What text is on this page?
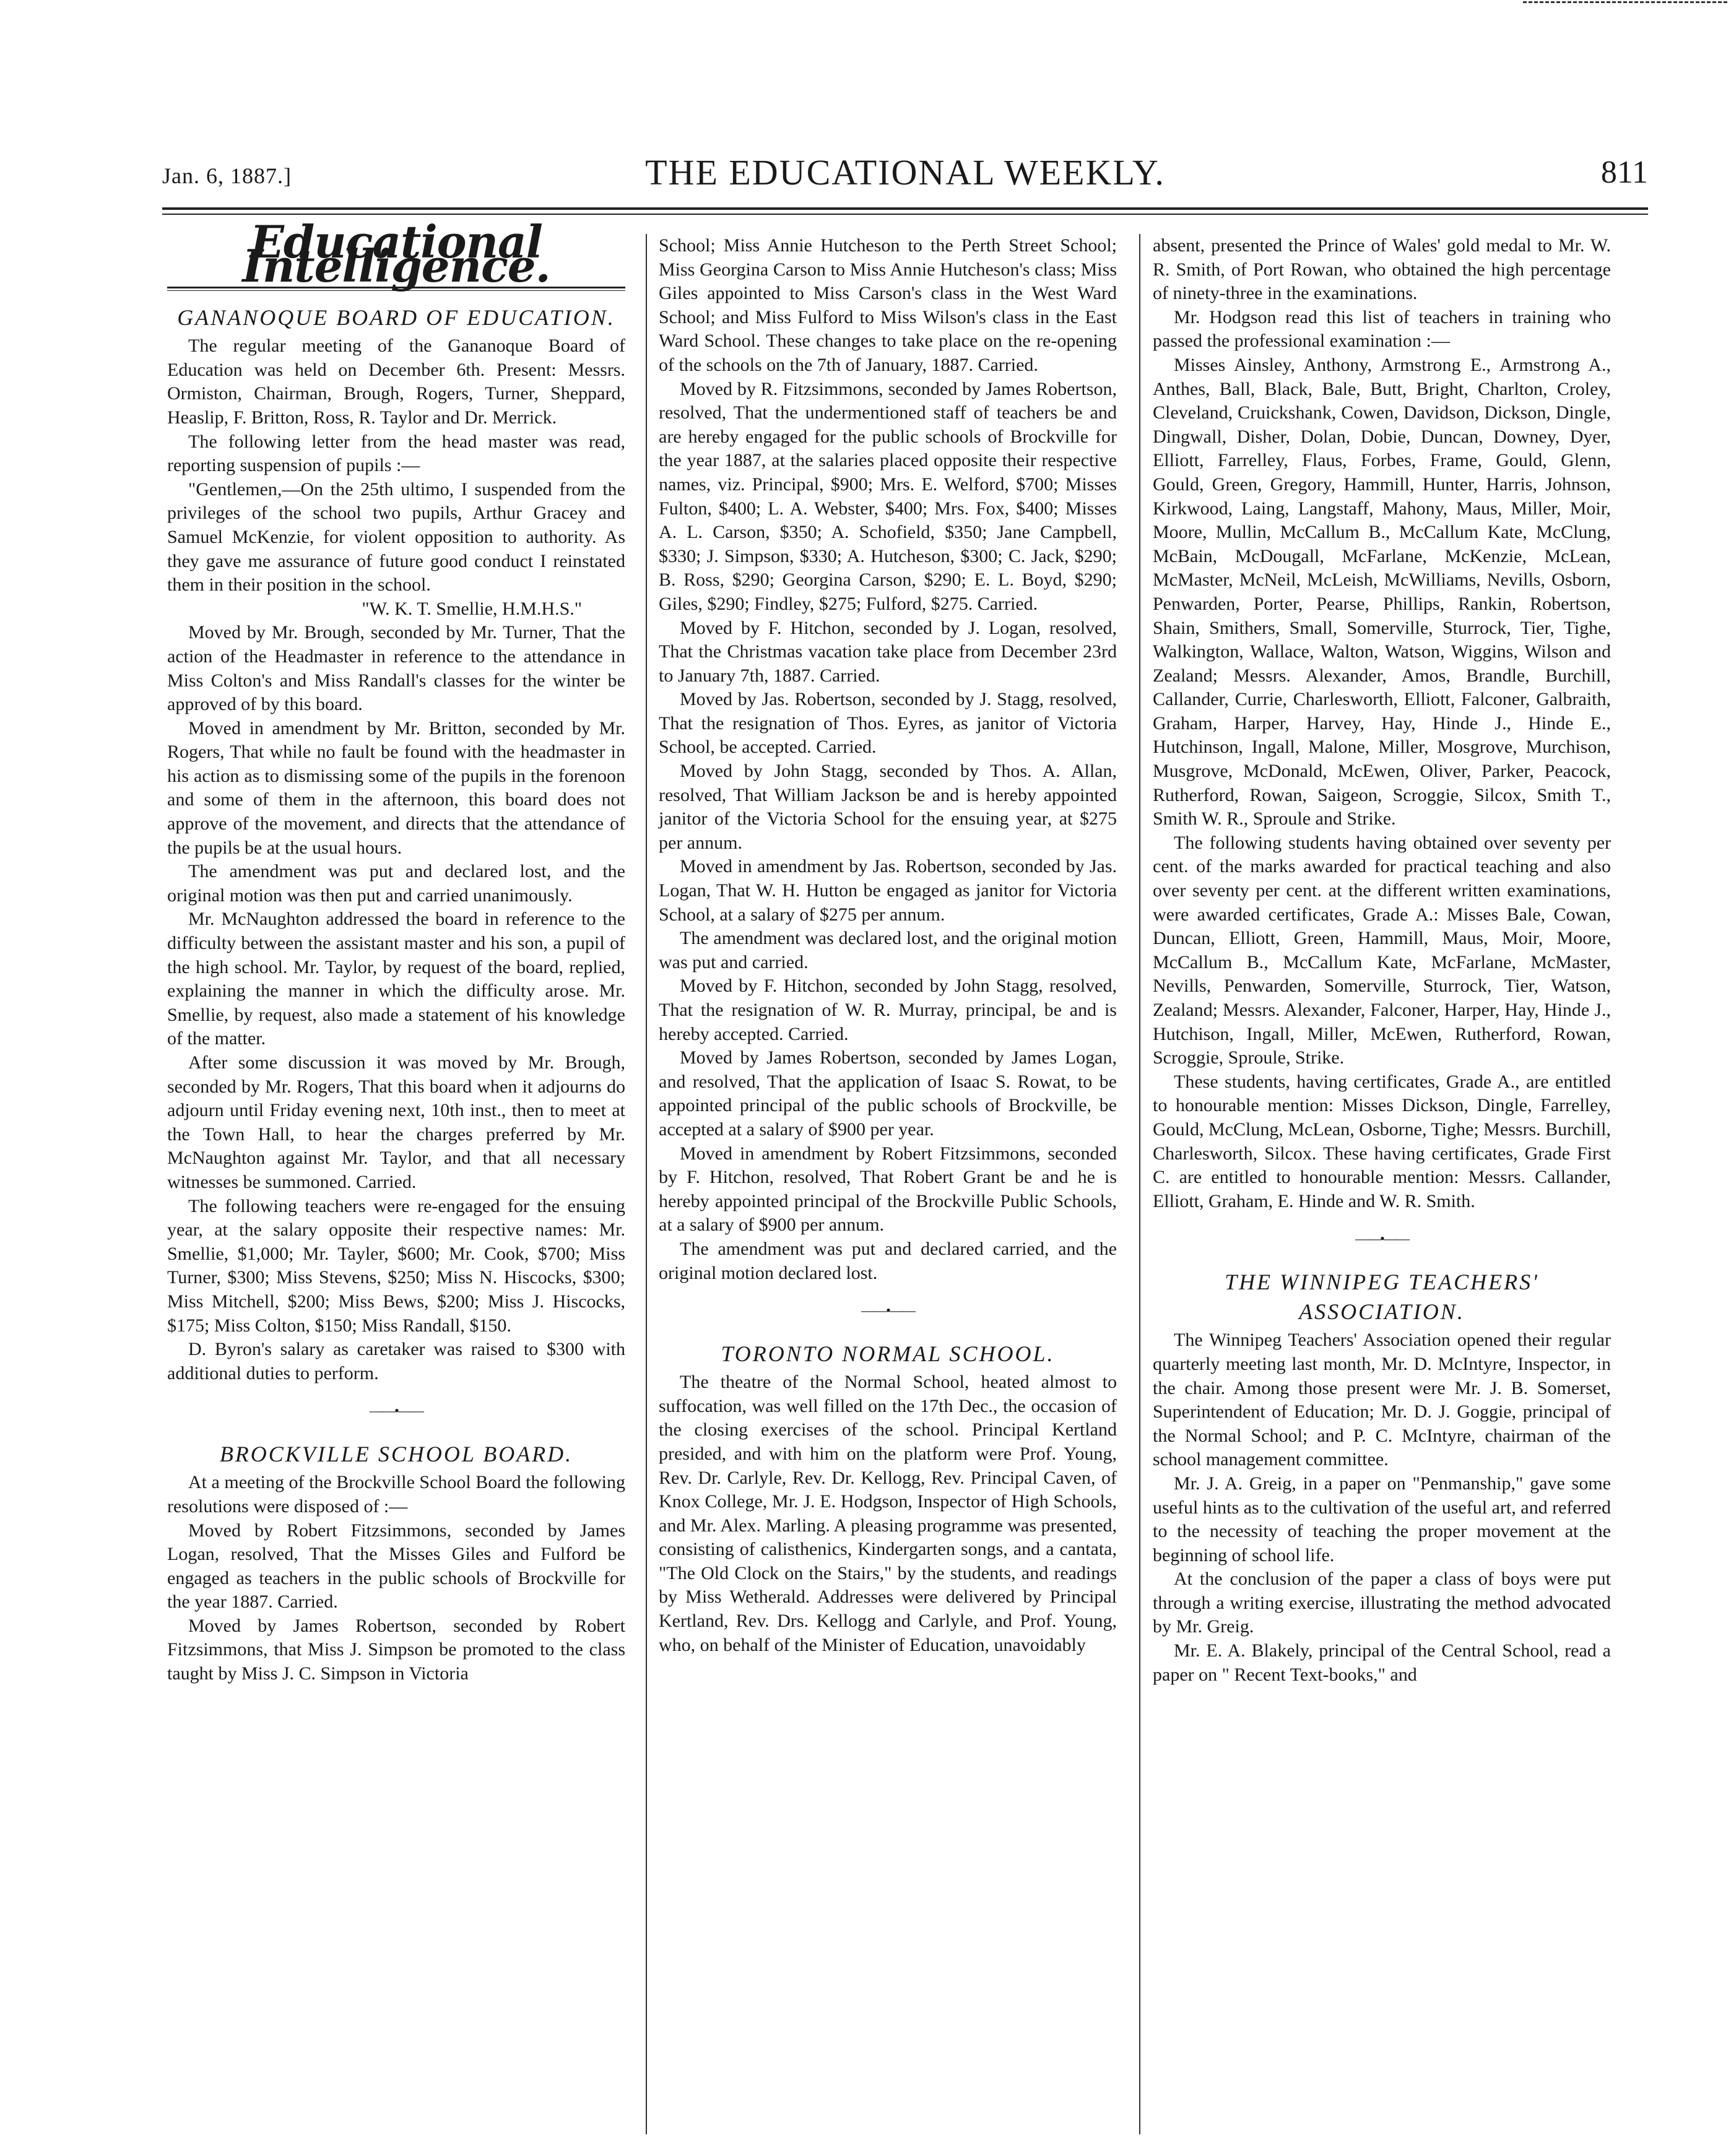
Jan. 6, 1887.]	THE EDUCATIONAL WEEKLY.	811
Educational Intelligence.
GANANOQUE BOARD OF EDUCATION.

The regular meeting of the Gananoque Board of Education was held on December 6th. Present: Messrs. Ormiston, Chairman, Brough, Rogers, Turner, Sheppard, Heaslip, F. Britton, Ross, R. Taylor and Dr. Merrick.

The following letter from the head master was read, reporting suspension of pupils :—

"Gentlemen,—On the 25th ultimo, I suspended from the privileges of the school two pupils, Arthur Gracey and Samuel McKenzie, for violent opposition to authority. As they gave me assurance of future good conduct I reinstated them in their position in the school.

"W. K. T. Smellie, H.M.H.S."

Moved by Mr. Brough, seconded by Mr. Turner, That the action of the Headmaster in reference to the attendance in Miss Colton's and Miss Randall's classes for the winter be approved of by this board.

Moved in amendment by Mr. Britton, seconded by Mr. Rogers, That while no fault be found with the headmaster in his action as to dismissing some of the pupils in the forenoon and some of them in the afternoon, this board does not approve of the movement, and directs that the attendance of the pupils be at the usual hours.

The amendment was put and declared lost, and the original motion was then put and carried unanimously.

Mr. McNaughton addressed the board in reference to the difficulty between the assistant master and his son, a pupil of the high school. Mr. Taylor, by request of the board, replied, explaining the manner in which the difficulty arose. Mr. Smellie, by request, also made a statement of his knowledge of the matter.

After some discussion it was moved by Mr. Brough, seconded by Mr. Rogers, That this board when it adjourns do adjourn until Friday evening next, 10th inst., then to meet at the Town Hall, to hear the charges preferred by Mr. McNaughton against Mr. Taylor, and that all necessary witnesses be summoned. Carried.

The following teachers were re-engaged for the ensuing year, at the salary opposite their respective names: Mr. Smellie, $1,000; Mr. Tayler, $600; Mr. Cook, $700; Miss Turner, $300; Miss Stevens, $250; Miss N. Hiscocks, $300; Miss Mitchell, $200; Miss Bews, $200; Miss J. Hiscocks, $175; Miss Colton, $150; Miss Randall, $150.

D. Byron's salary as caretaker was raised to $300 with additional duties to perform.

——•——
BROCKVILLE SCHOOL BOARD.

At a meeting of the Brockville School Board the following resolutions were disposed of :—

Moved by Robert Fitzsimmons, seconded by James Logan, resolved, That the Misses Giles and Fulford be engaged as teachers in the public schools of Brockville for the year 1887. Carried.

Moved by James Robertson, seconded by Robert Fitzsimmons, that Miss J. Simpson be promoted to the class taught by Miss J. C. Simpson in Victoria

School; Miss Annie Hutcheson to the Perth Street School; Miss Georgina Carson to Miss Annie Hutcheson's class; Miss Giles appointed to Miss Carson's class in the West Ward School; and Miss Fulford to Miss Wilson's class in the East Ward School. These changes to take place on the re-opening of the schools on the 7th of January, 1887. Carried.

Moved by R. Fitzsimmons, seconded by James Robertson, resolved, That the undermentioned staff of teachers be and are hereby engaged for the public schools of Brockville for the year 1887, at the salaries placed opposite their respective names, viz. Principal, $900; Mrs. E. Welford, $700; Misses Fulton, $400; L. A. Webster, $400; Mrs. Fox, $400; Misses A. L. Carson, $350; A. Schofield, $350; Jane Campbell, $330; J. Simpson, $330; A. Hutcheson, $300; C. Jack, $290; B. Ross, $290; Georgina Carson, $290; E. L. Boyd, $290; Giles, $290; Findley, $275; Fulford, $275. Carried.

Moved by F. Hitchon, seconded by J. Logan, resolved, That the Christmas vacation take place from December 23rd to January 7th, 1887. Carried.

Moved by Jas. Robertson, seconded by J. Stagg, resolved, That the resignation of Thos. Eyres, as janitor of Victoria School, be accepted. Carried.

Moved by John Stagg, seconded by Thos. A. Allan, resolved, That William Jackson be and is hereby appointed janitor of the Victoria School for the ensuing year, at $275 per annum.

Moved in amendment by Jas. Robertson, seconded by Jas. Logan, That W. H. Hutton be engaged as janitor for Victoria School, at a salary of $275 per annum.

The amendment was declared lost, and the original motion was put and carried.

Moved by F. Hitchon, seconded by John Stagg, resolved, That the resignation of W. R. Murray, principal, be and is hereby accepted. Carried.

Moved by James Robertson, seconded by James Logan, and resolved, That the application of Isaac S. Rowat, to be appointed principal of the public schools of Brockville, be accepted at a salary of $900 per year.

Moved in amendment by Robert Fitzsimmons, seconded by F. Hitchon, resolved, That Robert Grant be and he is hereby appointed principal of the Brockville Public Schools, at a salary of $900 per annum.

The amendment was put and declared carried, and the original motion declared lost.

——•——
TORONTO NORMAL SCHOOL.

The theatre of the Normal School, heated almost to suffocation, was well filled on the 17th Dec., the occasion of the closing exercises of the school. Principal Kertland presided, and with him on the platform were Prof. Young, Rev. Dr. Carlyle, Rev. Dr. Kellogg, Rev. Principal Caven, of Knox College, Mr. J. E. Hodgson, Inspector of High Schools, and Mr. Alex. Marling. A pleasing programme was presented, consisting of calisthenics, Kindergarten songs, and a cantata, "The Old Clock on the Stairs," by the students, and readings by Miss Wetherald. Addresses were delivered by Principal Kertland, Rev. Drs. Kellogg and Carlyle, and Prof. Young, who, on behalf of the Minister of Education, unavoidably

absent, presented the Prince of Wales' gold medal to Mr. W. R. Smith, of Port Rowan, who obtained the high percentage of ninety-three in the examinations.

Mr. Hodgson read this list of teachers in training who passed the professional examination :—

Misses Ainsley, Anthony, Armstrong E., Armstrong A., Anthes, Ball, Black, Bale, Butt, Bright, Charlton, Croley, Cleveland, Cruickshank, Cowen, Davidson, Dickson, Dingle, Dingwall, Disher, Dolan, Dobie, Duncan, Downey, Dyer, Elliott, Farrelley, Flaus, Forbes, Frame, Gould, Glenn, Gould, Green, Gregory, Hammill, Hunter, Harris, Johnson, Kirkwood, Laing, Langstaff, Mahony, Maus, Miller, Moir, Moore, Mullin, McCallum B., McCallum Kate, McClung, McBain, McDougall, McFarlane, McKenzie, McLean, McMaster, McNeil, McLeish, McWilliams, Nevills, Osborn, Penwarden, Porter, Pearse, Phillips, Rankin, Robertson, Shain, Smithers, Small, Somerville, Sturrock, Tier, Tighe, Walkington, Wallace, Walton, Watson, Wiggins, Wilson and Zealand; Messrs. Alexander, Amos, Brandle, Burchill, Callander, Currie, Charlesworth, Elliott, Falconer, Galbraith, Graham, Harper, Harvey, Hay, Hinde J., Hinde E., Hutchinson, Ingall, Malone, Miller, Mosgrove, Murchison, Musgrove, McDonald, McEwen, Oliver, Parker, Peacock, Rutherford, Rowan, Saigeon, Scroggie, Silcox, Smith T., Smith W. R., Sproule and Strike.

The following students having obtained over seventy per cent. of the marks awarded for practical teaching and also over seventy per cent. at the different written examinations, were awarded certificates, Grade A.: Misses Bale, Cowan, Duncan, Elliott, Green, Hammill, Maus, Moir, Moore, McCallum B., McCallum Kate, McFarlane, McMaster, Nevills, Penwarden, Somerville, Sturrock, Tier, Watson, Zealand; Messrs. Alexander, Falconer, Harper, Hay, Hinde J., Hutchison, Ingall, Miller, McEwen, Rutherford, Rowan, Scroggie, Sproule, Strike.

These students, having certificates, Grade A., are entitled to honourable mention: Misses Dickson, Dingle, Farrelley, Gould, McClung, McLean, Osborne, Tighe; Messrs. Burchill, Charlesworth, Silcox. These having certificates, Grade First C. are entitled to honourable mention: Messrs. Callander, Elliott, Graham, E. Hinde and W. R. Smith.

——•——
THE WINNIPEG TEACHERS'
ASSOCIATION.

The Winnipeg Teachers' Association opened their regular quarterly meeting last month, Mr. D. McIntyre, Inspector, in the chair. Among those present were Mr. J. B. Somerset, Superintendent of Education; Mr. D. J. Goggie, principal of the Normal School; and P. C. McIntyre, chairman of the school management committee.

Mr. J. A. Greig, in a paper on "Penmanship," gave some useful hints as to the cultivation of the useful art, and referred to the necessity of teaching the proper movement at the beginning of school life.

At the conclusion of the paper a class of boys were put through a writing exercise, illustrating the method advocated by Mr. Greig.

Mr. E. A. Blakely, principal of the Central School, read a paper on " Recent Text-books," and
